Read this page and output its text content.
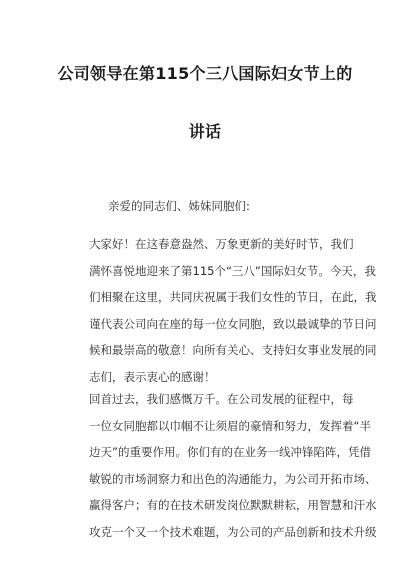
公司领导在第115个三八国际妇女节上的
讲话
亲爱的同志们、姊妹同胞们:
大家好！在这春意盎然、万象更新的美好时节，我们
满怀喜悦地迎来了第115个“三八”国际妇女节。今天，我
们相聚在这里，共同庆祝属于我们女性的节日，在此，我
谨代表公司向在座的每一位女同胞，致以最诚挚的节日问
候和最崇高的敬意！向所有关心、支持妇女事业发展的同
志们，表示衷心的感谢！
回首过去，我们感慨万千。在公司发展的征程中，每
一位女同胞都以巾帼不让须眉的豪情和努力，发挥着“半
边天”的重要作用。你们有的在业务一线冲锋陷阵，凭借
敏锐的市场洞察力和出色的沟通能力，为公司开拓市场、
赢得客户；有的在技术研发岗位默默耕耘，用智慧和汗水
攻克一个又一个技术难题，为公司的产品创新和技术升级
